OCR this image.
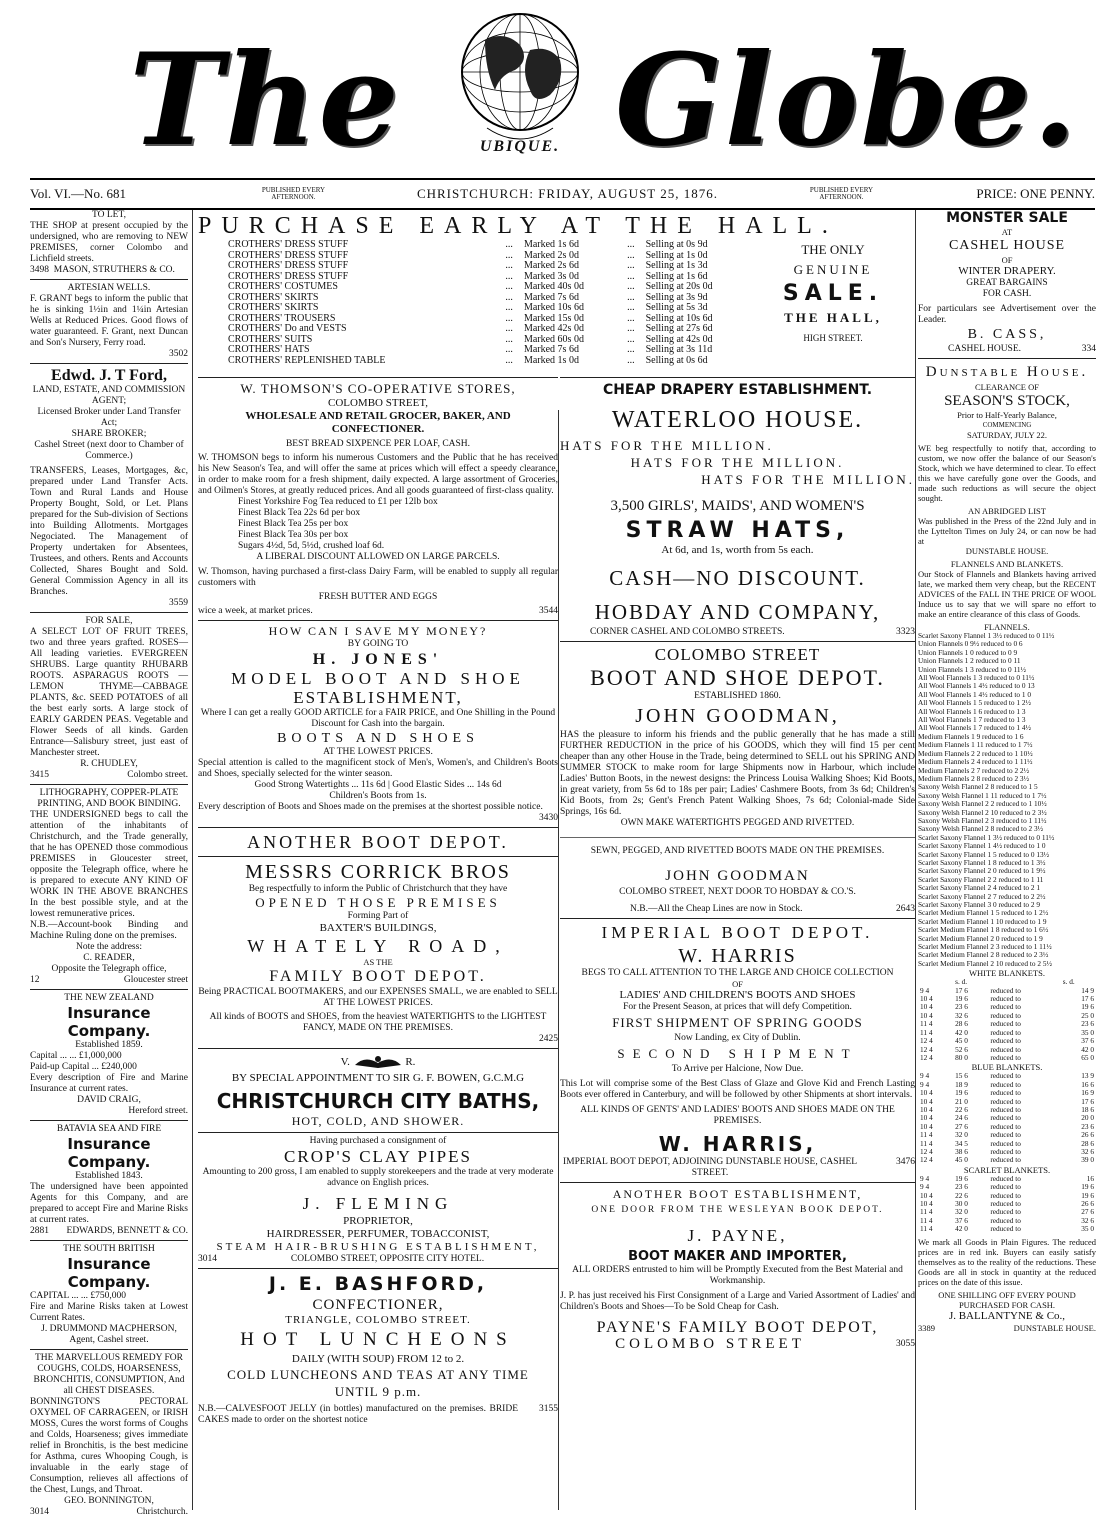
The	UBIQUE. Globe.
Vol. VI.—No. 681	PUBLISHED EVERY AFTERNOON.	CHRISTCHURCH: FRIDAY, AUGUST 25, 1876.	PUBLISHED EVERY AFTERNOON.	PRICE: ONE PENNY.
TO LET,
THE SHOP at present occupied by the undersigned, who are removing to NEW PREMISES, corner Colombo and Lichfield streets.
3498 MASON, STRUTHERS & CO.
ARTESIAN WELLS.
F. GRANT begs to inform the public that he is sinking 1½in and 1¼in Artesian Wells at Reduced Prices. Good flows of water guaranteed. F. Grant, next Duncan and Son's Nursery, Ferry road.
3502
Edwd. J. T Ford,
LAND, ESTATE, AND COMMISSION AGENT;
Licensed Broker under Land Transfer Act;
SHARE BROKER;
Cashel Street (next door to Chamber of Commerce.)
TRANSFERS, Leases, Mortgages, &c, prepared under Land Transfer Acts. Town and Rural Lands and House Property Bought, Sold, or Let. Plans prepared for the Sub-division of Sections into Building Allotments. Mortgages Negociated. The Management of Property undertaken for Absentees, Trustees, and others. Rents and Accounts Collected, Shares Bought and Sold. General Commission Agency in all its Branches.
3559
FOR SALE,
A SELECT LOT OF FRUIT TREES, two and three years grafted. ROSES—All leading varieties. EVERGREEN SHRUBS. Large quantity RHUBARB ROOTS. ASPARAGUS ROOTS — LEMON THYME—CABBAGE PLANTS, &c. SEED POTATOES of all the best early sorts. A large stock of EARLY GARDEN PEAS. Vegetable and Flower Seeds of all kinds. Garden Entrance—Salisbury street, just east of Manchester street.
R. CHUDLEY,
3415	Colombo street.
LITHOGRAPHY, COPPER-PLATE PRINTING, AND BOOK BINDING.
THE UNDERSIGNED begs to call the attention of the inhabitants of Christchurch, and the Trade generally, that he has OPENED those commodious PREMISES in Gloucester street, opposite the Telegraph office, where he is prepared to execute ANY KIND OF WORK IN THE ABOVE BRANCHES In the best possible style, and at the lowest remunerative prices.
N.B.—Account-book Binding and Machine Ruling done on the premises.
Note the address:
C. READER,
Opposite the Telegraph office,
12	Gloucester street
THE NEW ZEALAND
Insurance Company.
Established 1859.
Capital ... ... £1,000,000
Paid-up Capital ... £240,000
Every description of Fire and Marine Insurance at current rates.
DAVID CRAIG,
Hereford street.
BATAVIA SEA AND FIRE
Insurance Company.
Established 1843.
The undersigned have been appointed Agents for this Company, and are prepared to accept Fire and Marine Risks at current rates.
2881 EDWARDS, BENNETT & CO.
THE SOUTH BRITISH
Insurance Company.
CAPITAL ... ... £750,000
Fire and Marine Risks taken at Lowest Current Rates.
J. DRUMMOND MACPHERSON,
Agent, Cashel street.
THE MARVELLOUS REMEDY FOR COUGHS, COLDS, HOARSENESS, BRONCHITIS, CONSUMPTION, And all CHEST DISEASES.
BONNINGTON'S PECTORAL OXYMEL OF CARRAGEEN, or IRISH MOSS, Cures the worst forms of Coughs and Colds, Hoarseness; gives immediate relief in Bronchitis, is the best medicine for Asthma, cures Whooping Cough, is invaluable in the early stage of Consumption, relieves all affections of the Chest, Lungs, and Throat.
GEO. BONNINGTON,
3014	Christchurch.
PURCHASE EARLY AT THE HALL.
CROTHERS' DRESS STUFF	...	Marked 1s 6d	...	Selling at 0s 9d
CROTHERS' DRESS STUFF	...	Marked 2s 0d	...	Selling at 1s 0d
CROTHERS' DRESS STUFF	...	Marked 2s 6d	...	Selling at 1s 3d
CROTHERS' DRESS STUFF	...	Marked 3s 0d	...	Selling at 1s 6d
CROTHERS' COSTUMES	...	Marked 40s 0d	...	Selling at 20s 0d
CROTHERS' SKIRTS	...	Marked 7s 6d	...	Selling at 3s 9d
CROTHERS' SKIRTS	...	Marked 10s 6d	...	Selling at 5s 3d
CROTHERS' TROUSERS	...	Marked 15s 0d	...	Selling at 10s 6d
CROTHERS' Do and VESTS	...	Marked 42s 0d	...	Selling at 27s 6d
CROTHERS' SUITS	...	Marked 60s 0d	...	Selling at 42s 0d
CROTHERS' HATS	...	Marked 7s 6d	...	Selling at 3s 11d
CROTHERS' REPLENISHED TABLE	...	Marked 1s 0d	...	Selling at 0s 6d
THE ONLY
GENUINE
SALE.
THE HALL,
HIGH STREET.
W. THOMSON'S CO-OPERATIVE STORES,
COLOMBO STREET,
WHOLESALE AND RETAIL GROCER, BAKER, AND CONFECTIONER.
BEST BREAD SIXPENCE PER LOAF, CASH.
W. THOMSON begs to inform his numerous Customers and the Public that he has received his New Season's Tea, and will offer the same at prices which will effect a speedy clearance, in order to make room for a fresh shipment, daily expected. A large assortment of Groceries, and Oilmen's Stores, at greatly reduced prices. And all goods guaranteed of first-class quality.
Finest Yorkshire Fog Tea reduced to £1 per 12lb box
Finest Black Tea 22s 6d per box
Finest Black Tea 25s per box
Finest Black Tea 30s per box
Sugars 4½d, 5d, 5½d, crushed loaf 6d.
A LIBERAL DISCOUNT ALLOWED ON LARGE PARCELS.
W. Thomson, having purchased a first-class Dairy Farm, will be enabled to supply all regular customers with
FRESH BUTTER AND EGGS
wice a week, at market prices.	3544
HOW CAN I SAVE MY MONEY?
BY GOING TO
H. JONES'
MODEL BOOT AND SHOE
ESTABLISHMENT,
Where I can get a really GOOD ARTICLE for a FAIR PRICE, and One Shilling in the Pound Discount for Cash into the bargain.
BOOTS AND SHOES
AT THE LOWEST PRICES.
Special attention is called to the magnificent stock of Men's, Women's, and Children's Boots and Shoes, specially selected for the winter season.
Good Strong Watertights ... 11s 6d | Good Elastic Sides ... 14s 6d
Children's Boots from 1s.
Every description of Boots and Shoes made on the premises at the shortest possible notice.
3430
ANOTHER BOOT DEPOT.
MESSRS CORRICK BROS
Beg respectfully to inform the Public of Christchurch that they have
OPENED THOSE PREMISES
Forming Part of
BAXTER'S BUILDINGS,
WHATELY ROAD,
AS THE
FAMILY BOOT DEPOT.
Being PRACTICAL BOOTMAKERS, and our EXPENSES SMALL, we are enabled to SELL AT THE LOWEST PRICES.
All kinds of BOOTS and SHOES, from the heaviest WATERTIGHTS to the LIGHTEST FANCY, MADE ON THE PREMISES.
2425
V.	R.
BY SPECIAL APPOINTMENT TO SIR G. F. BOWEN, G.C.M.G
CHRISTCHURCH CITY BATHS,
HOT, COLD, AND SHOWER.
Having purchased a consignment of
CROP'S CLAY PIPES
Amounting to 200 gross, I am enabled to supply storekeepers and the trade at very moderate advance on English prices.
J. FLEMING
PROPRIETOR,
HAIRDRESSER, PERFUMER, TOBACCONIST,
STEAM HAIR-BRUSHING ESTABLISHMENT,
3014	COLOMBO STREET, OPPOSITE CITY HOTEL.
J. E. BASHFORD,
CONFECTIONER,
TRIANGLE, COLOMBO STREET.
HOT LUNCHEONS
DAILY (WITH SOUP) FROM 12 to 2.
COLD LUNCHEONS AND TEAS AT ANY TIME
UNTIL 9 p.m.
N.B.—CALVESFOOT JELLY (in bottles) manufactured on the premises. BRIDE CAKES made to order on the shortest notice
3155
CHEAP DRAPERY ESTABLISHMENT.
WATERLOO HOUSE.
HATS FOR THE MILLION.
HATS FOR THE MILLION.
HATS FOR THE MILLION.
3,500 GIRLS', MAIDS', AND WOMEN'S
STRAW HATS,
At 6d, and 1s, worth from 5s each.
CASH—NO DISCOUNT.
HOBDAY AND COMPANY,
CORNER CASHEL AND COLOMBO STREETS.	3323
COLOMBO STREET
BOOT AND SHOE DEPOT.
ESTABLISHED 1860.
JOHN GOODMAN,
HAS the pleasure to inform his friends and the public generally that he has made a still FURTHER REDUCTION in the price of his GOODS, which they will find 15 per cent cheaper than any other House in the Trade, being determined to SELL out his SPRING AND SUMMER STOCK to make room for large Shipments now in Harbour, which include Ladies' Button Boots, in the newest designs: the Princess Louisa Walking Shoes; Kid Boots, in great variety, from 5s 6d to 18s per pair; Ladies' Cashmere Boots, from 3s 6d; Children's Kid Boots, from 2s; Gent's French Patent Walking Shoes, 7s 6d; Colonial-made Side Springs, 16s 6d.
OWN MAKE WATERTIGHTS PEGGED AND RIVETTED.
SEWN, PEGGED, AND RIVETTED BOOTS MADE ON THE PREMISES.
JOHN GOODMAN
COLOMBO STREET, NEXT DOOR TO HOBDAY & CO.'S.
N.B.—All the Cheap Lines are now in Stock.	2643
IMPERIAL BOOT DEPOT.
W. HARRIS
BEGS TO CALL ATTENTION TO THE LARGE AND CHOICE COLLECTION
OF
LADIES' AND CHILDREN'S BOOTS AND SHOES
For the Present Season, at prices that will defy Competition.
FIRST SHIPMENT OF SPRING GOODS
Now Landing, ex City of Dublin.
SECOND SHIPMENT
To Arrive per Halcione, Now Due.
This Lot will comprise some of the Best Class of Glaze and Glove Kid and French Lasting Boots ever offered in Canterbury, and will be followed by other Shipments at short intervals.
ALL KINDS OF GENTS' AND LADIES' BOOTS AND SHOES MADE ON THE PREMISES.
W. HARRIS,
IMPERIAL BOOT DEPOT, ADJOINING DUNSTABLE HOUSE, CASHEL STREET.
3476
ANOTHER BOOT ESTABLISHMENT,
ONE DOOR FROM THE WESLEYAN BOOK DEPOT.
J. PAYNE,
BOOT MAKER AND IMPORTER,
ALL ORDERS entrusted to him will be Promptly Executed from the Best Material and Workmanship.
J. P. has just received his First Consignment of a Large and Varied Assortment of Ladies' and Children's Boots and Shoes—To be Sold Cheap for Cash.
PAYNE'S FAMILY BOOT DEPOT,
COLOMBO STREET	3055
MONSTER SALE
AT
CASHEL HOUSE
OF
WINTER DRAPERY.
GREAT BARGAINS
FOR CASH.
For particulars see Advertisement over the Leader.
B. CASS,
CASHEL HOUSE.	334
Dunstable House.
CLEARANCE OF
SEASON'S STOCK,
Prior to Half-Yearly Balance,
COMMENCING
SATURDAY, JULY 22.
WE beg respectfully to notify that, according to custom, we now offer the balance of our Season's Stock, which we have determined to clear. To effect this we have carefully gone over the Goods, and made such reductions as will secure the object sought.
AN ABRIDGED LIST
Was published in the Press of the 22nd July and in the Lyttelton Times on July 24, or can now be had at
DUNSTABLE HOUSE.
FLANNELS AND BLANKETS.
Our Stock of Flannels and Blankets having arrived late, we marked them very cheap, but the RECENT ADVICES of the FALL IN THE PRICE OF WOOL Induce us to say that we will spare no effort to make an entire clearance of this class of Goods.
FLANNELS.
Scarlet Saxony Flannel 1 3½ reduced to 0 11½
Union Flannels 0 9½ reduced to 0 6
Union Flannels 1 0 reduced to 0 9
Union Flannels 1 2 reduced to 0 11
Union Flannels 1 3 reduced to 0 11½
All Wool Flannels 1 3 reduced to 0 11½
All Wool Flannels 1 4½ reduced to 0 13
All Wool Flannels 1 4½ reduced to 1 0
All Wool Flannels 1 5 reduced to 1 2½
All Wool Flannels 1 6 reduced to 1 3
All Wool Flannels 1 7 reduced to 1 3
All Wool Flannels 1 7 reduced to 1 4½
Medium Flannels 1 9 reduced to 1 6
Medium Flannels 1 11 reduced to 1 7½
Medium Flannels 2 2 reduced to 1 10½
Medium Flannels 2 4 reduced to 1 11½
Medium Flannels 2 7 reduced to 2 2½
Medium Flannels 2 8 reduced to 2 3½
Saxony Welsh Flannel 2 8 reduced to 1 5
Saxony Welsh Flannel 1 11 reduced to 1 7½
Saxony Welsh Flannel 2 2 reduced to 1 10½
Saxony Welsh Flannel 2 10 reduced to 2 3½
Saxony Welsh Flannel 2 3 reduced to 1 11½
Saxony Welsh Flannel 2 8 reduced to 2 3½
Scarlet Saxony Flannel 1 3½ reduced to 0 11½
Scarlet Saxony Flannel 1 4½ reduced to 1 0
Scarlet Saxony Flannel 1 5 reduced to 0 13½
Scarlet Saxony Flannel 1 8 reduced to 1 3½
Scarlet Saxony Flannel 2 0 reduced to 1 9½
Scarlet Saxony Flannel 2 2 reduced to 1 11
Scarlet Saxony Flannel 2 4 reduced to 2 1
Scarlet Saxony Flannel 2 7 reduced to 2 2½
Scarlet Saxony Flannel 3 0 reduced to 2 9
Scarlet Medium Flannel 1 5 reduced to 1 2½
Scarlet Medium Flannel 1 10 reduced to 1 9
Scarlet Medium Flannel 1 8 reduced to 1 6½
Scarlet Medium Flannel 2 0 reduced to 1 9
Scarlet Medium Flannel 2 3 reduced to 1 11½
Scarlet Medium Flannel 2 8 reduced to 2 3½
Scarlet Medium Flannel 2 10 reduced to 2 5½
WHITE BLANKETS.
	s. d.		s. d.
9 4	17 6	reduced to	14 9
10 4	19 6	reduced to	17 6
10 4	23 6	reduced to	19 6
10 4	32 6	reduced to	25 0
11 4	28 6	reduced to	23 6
11 4	42 0	reduced to	35 0
12 4	45 0	reduced to	37 6
12 4	52 6	reduced to	42 0
12 4	80 0	reduced to	65 0
BLUE BLANKETS.
9 4	15 6	reduced to	13 9
9 4	18 9	reduced to	16 6
10 4	19 6	reduced to	16 9
10 4	21 0	reduced to	17 6
10 4	22 6	reduced to	18 6
10 4	24 6	reduced to	20 0
10 4	27 6	reduced to	23 6
11 4	32 0	reduced to	26 6
11 4	34 5	reduced to	28 6
12 4	38 6	reduced to	32 6
12 4	45 0	reduced to	39 0
SCARLET BLANKETS.
9 4	19 6	reduced to	16
9 4	23 6	reduced to	19 6
10 4	22 6	reduced to	19 6
10 4	30 0	reduced to	26 6
11 4	32 0	reduced to	27 6
11 4	37 6	reduced to	32 6
11 4	42 0	reduced to	35 0
We mark all Goods in Plain Figures. The reduced prices are in red ink. Buyers can easily satisfy themselves as to the reality of the reductions. These Goods are all in stock in quantity at the reduced prices on the date of this issue.
ONE SHILLING OFF EVERY POUND PURCHASED FOR CASH.
J. BALLANTYNE & Co.,
3389	DUNSTABLE HOUSE.
